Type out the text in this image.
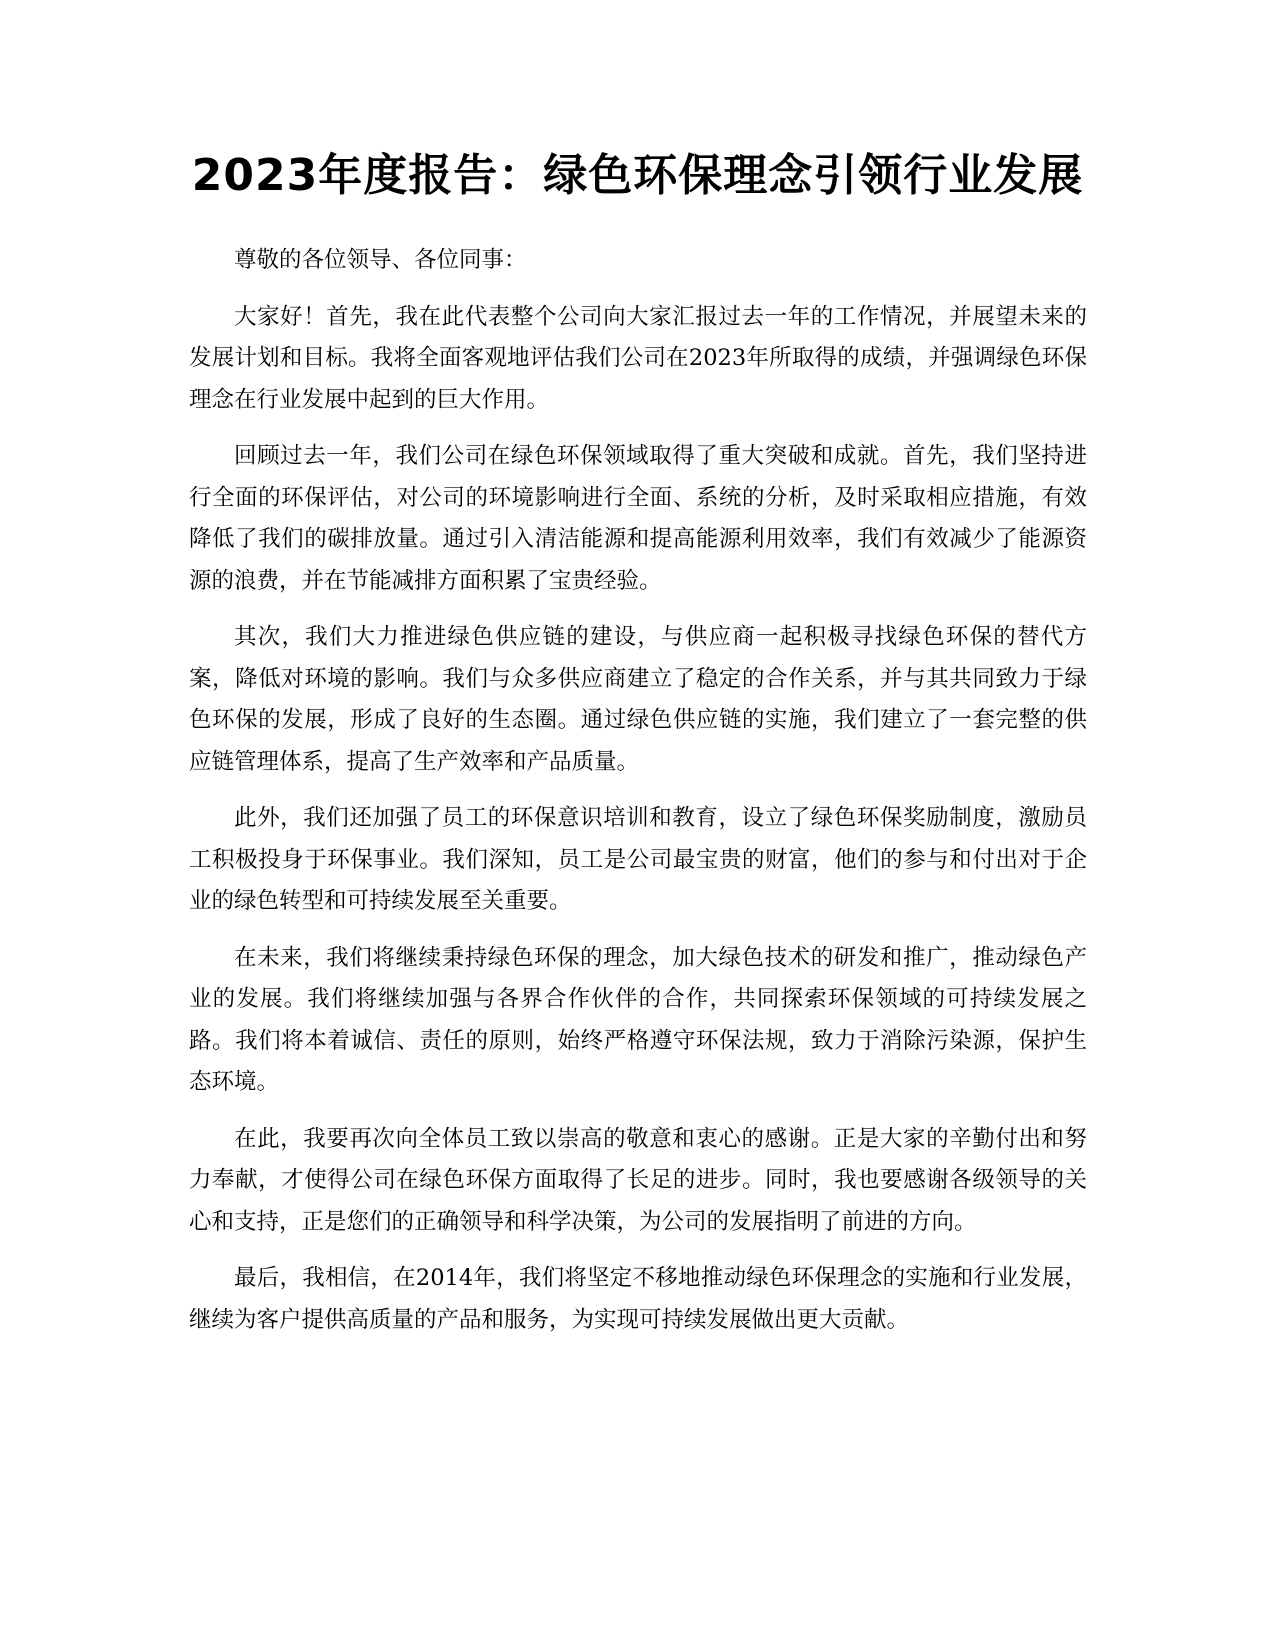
2023年度报告：绿色环保理念引领行业发展

尊敬的各位领导、各位同事：

大家好！首先，我在此代表整个公司向大家汇报过去一年的工作情况，并展望未来的发展计划和目标。我将全面客观地评估我们公司在2023年所取得的成绩，并强调绿色环保理念在行业发展中起到的巨大作用。

回顾过去一年，我们公司在绿色环保领域取得了重大突破和成就。首先，我们坚持进行全面的环保评估，对公司的环境影响进行全面、系统的分析，及时采取相应措施，有效降低了我们的碳排放量。通过引入清洁能源和提高能源利用效率，我们有效减少了能源资源的浪费，并在节能减排方面积累了宝贵经验。

其次，我们大力推进绿色供应链的建设，与供应商一起积极寻找绿色环保的替代方案，降低对环境的影响。我们与众多供应商建立了稳定的合作关系，并与其共同致力于绿色环保的发展，形成了良好的生态圈。通过绿色供应链的实施，我们建立了一套完整的供应链管理体系，提高了生产效率和产品质量。

此外，我们还加强了员工的环保意识培训和教育，设立了绿色环保奖励制度，激励员工积极投身于环保事业。我们深知，员工是公司最宝贵的财富，他们的参与和付出对于企业的绿色转型和可持续发展至关重要。

在未来，我们将继续秉持绿色环保的理念，加大绿色技术的研发和推广，推动绿色产业的发展。我们将继续加强与各界合作伙伴的合作，共同探索环保领域的可持续发展之路。我们将本着诚信、责任的原则，始终严格遵守环保法规，致力于消除污染源，保护生态环境。

在此，我要再次向全体员工致以崇高的敬意和衷心的感谢。正是大家的辛勤付出和努力奉献，才使得公司在绿色环保方面取得了长足的进步。同时，我也要感谢各级领导的关心和支持，正是您们的正确领导和科学决策，为公司的发展指明了前进的方向。

最后，我相信，在2014年，我们将坚定不移地推动绿色环保理念的实施和行业发展，继续为客户提供高质量的产品和服务，为实现可持续发展做出更大贡献。
